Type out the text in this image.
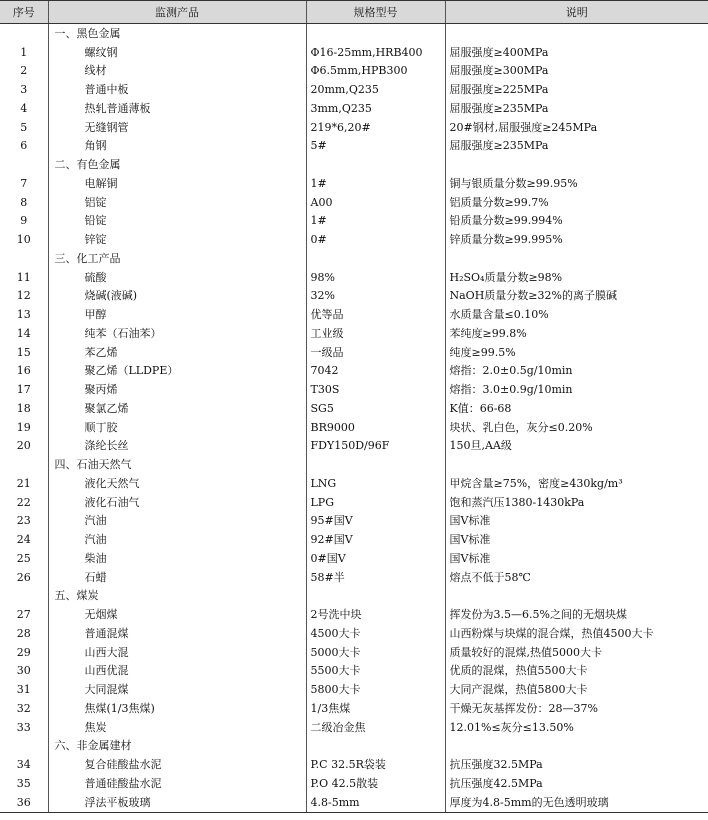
序号	监测产品	规格型号	说明
	一、黑色金属		
1	螺纹钢	Φ16-25mm,HRB400	屈服强度≥400MPa
2	线材	Φ6.5mm,HPB300	屈服强度≥300MPa
3	普通中板	20mm,Q235	屈服强度≥225MPa
4	热轧普通薄板	3mm,Q235	屈服强度≥235MPa
5	无缝钢管	219*6,20#	20#钢材,屈服强度≥245MPa
6	角钢	5#	屈服强度≥235MPa
	二、有色金属		
7	电解铜	1#	铜与银质量分数≥99.95%
8	铝锭	A00	铝质量分数≥99.7%
9	铅锭	1#	铅质量分数≥99.994%
10	锌锭	0#	锌质量分数≥99.995%
	三、化工产品		
11	硫酸	98%	H₂SO₄质量分数≥98%
12	烧碱(液碱)	32%	NaOH质量分数≥32%的离子膜碱
13	甲醇	优等品	水质量含量≤0.10%
14	纯苯（石油苯）	工业级	苯纯度≥99.8%
15	苯乙烯	一级品	纯度≥99.5%
16	聚乙烯（LLDPE）	7042	熔指：2.0±0.5g/10min
17	聚丙烯	T30S	熔指：3.0±0.9g/10min
18	聚氯乙烯	SG5	K值：66-68
19	顺丁胶	BR9000	块状、乳白色，灰分≤0.20%
20	涤纶长丝	FDY150D/96F	150旦,AA级
	四、石油天然气		
21	液化天然气	LNG	甲烷含量≥75%，密度≥430kg/m³
22	液化石油气	LPG	饱和蒸汽压1380-1430kPa
23	汽油	95#国Ⅴ	国Ⅴ标准
24	汽油	92#国Ⅴ	国Ⅴ标准
25	柴油	0#国Ⅴ	国Ⅴ标准
26	石蜡	58#半	熔点不低于58℃
	五、煤炭		
27	无烟煤	2号洗中块	挥发份为3.5—6.5%之间的无烟块煤
28	普通混煤	4500大卡	山西粉煤与块煤的混合煤，热值4500大卡
29	山西大混	5000大卡	质量较好的混煤,热值5000大卡
30	山西优混	5500大卡	优质的混煤，热值5500大卡
31	大同混煤	5800大卡	大同产混煤，热值5800大卡
32	焦煤(1/3焦煤)	1/3焦煤	干燥无灰基挥发份：28—37%
33	焦炭	二级冶金焦	12.01%≤灰分≤13.50%
	六、非金属建材		
34	复合硅酸盐水泥	P.C 32.5R袋装	抗压强度32.5MPa
35	普通硅酸盐水泥	P.O 42.5散装	抗压强度42.5MPa
36	浮法平板玻璃	4.8-5mm	厚度为4.8-5mm的无色透明玻璃
